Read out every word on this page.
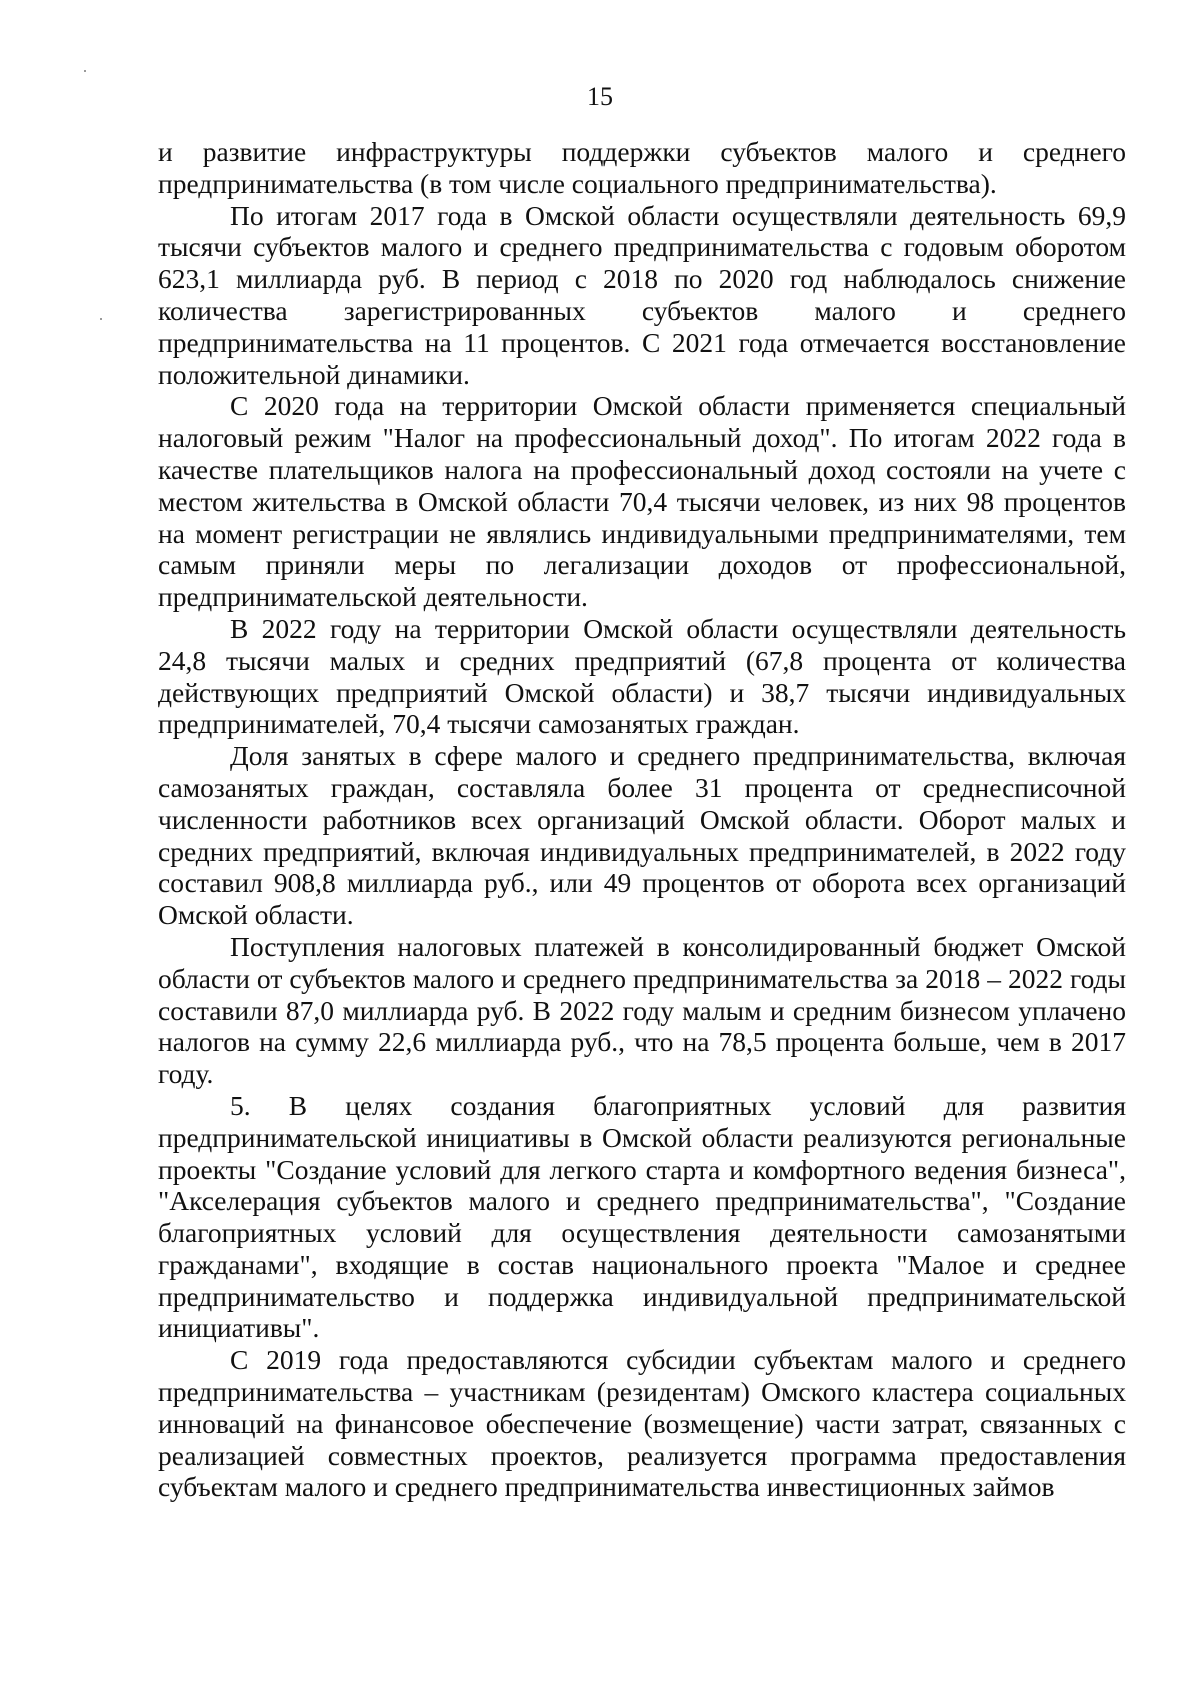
15

и развитие инфраструктуры поддержки субъектов малого и среднего предпринимательства (в том числе социального предпринимательства).

По итогам 2017 года в Омской области осуществляли деятельность 69,9 тысячи субъектов малого и среднего предпринимательства с годовым оборотом 623,1 миллиарда руб. В период с 2018 по 2020 год наблюдалось снижение количества зарегистрированных субъектов малого и среднего предпринимательства на 11 процентов. С 2021 года отмечается восстановление положительной динамики.

С 2020 года на территории Омской области применяется специальный налоговый режим "Налог на профессиональный доход". По итогам 2022 года в качестве плательщиков налога на профессиональный доход состояли на учете с местом жительства в Омской области 70,4 тысячи человек, из них 98 процентов на момент регистрации не являлись индивидуальными предпринимателями, тем самым приняли меры по легализации доходов от профессиональной, предпринимательской деятельности.

В 2022 году на территории Омской области осуществляли деятельность 24,8 тысячи малых и средних предприятий (67,8 процента от количества действующих предприятий Омской области) и 38,7 тысячи индивидуальных предпринимателей, 70,4 тысячи самозанятых граждан.

Доля занятых в сфере малого и среднего предпринимательства, включая самозанятых граждан, составляла более 31 процента от среднесписочной численности работников всех организаций Омской области. Оборот малых и средних предприятий, включая индивидуальных предпринимателей, в 2022 году составил 908,8 миллиарда руб., или 49 процентов от оборота всех организаций Омской области.

Поступления налоговых платежей в консолидированный бюджет Омской области от субъектов малого и среднего предпринимательства за 2018 – 2022 годы составили 87,0 миллиарда руб. В 2022 году малым и средним бизнесом уплачено налогов на сумму 22,6 миллиарда руб., что на 78,5 процента больше, чем в 2017 году.

5. В целях создания благоприятных условий для развития предпринимательской инициативы в Омской области реализуются региональные проекты "Создание условий для легкого старта и комфортного ведения бизнеса", "Акселерация субъектов малого и среднего предпринимательства", "Создание благоприятных условий для осуществления деятельности самозанятыми гражданами", входящие в состав национального проекта "Малое и среднее предпринимательство и поддержка индивидуальной предпринимательской инициативы".

С 2019 года предоставляются субсидии субъектам малого и среднего предпринимательства – участникам (резидентам) Омского кластера социальных инноваций на финансовое обеспечение (возмещение) части затрат, связанных с реализацией совместных проектов, реализуется программа предоставления субъектам малого и среднего предпринимательства инвестиционных займов
